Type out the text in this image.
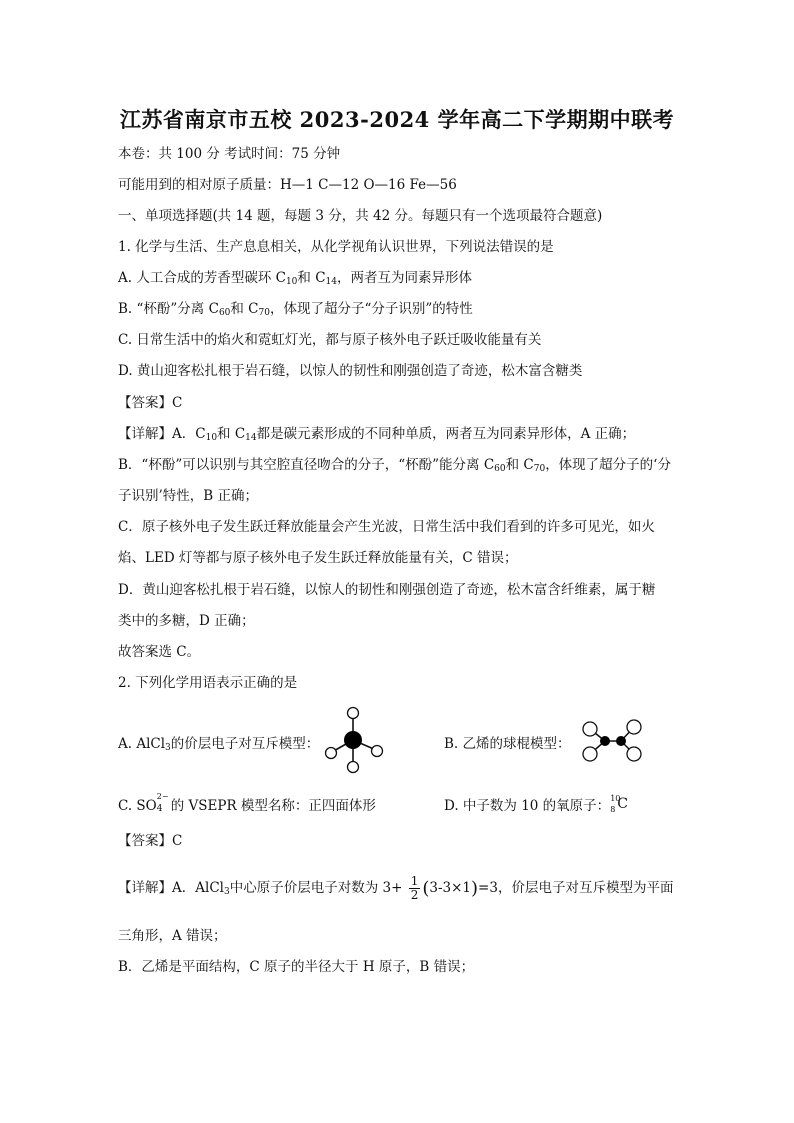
江苏省南京市五校 2023-2024 学年高二下学期期中联考
本卷：共 100 分 考试时间：75 分钟
可能用到的相对原子质量：H—1 C—12 O—16 Fe—56
一、单项选择题(共 14 题，每题 3 分，共 42 分。每题只有一个选项最符合题意)
1. 化学与生活、生产息息相关，从化学视角认识世界，下列说法错误的是
A. 人工合成的芳香型碳环 $C_{10}$和 $C_{14}$，两者互为同素异形体
B. “杯酚”分离 $C_{60}$和 $C_{70}$，体现了超分子“分子识别”的特性
C. 日常生活中的焰火和霓虹灯光，都与原子核外电子跃迁吸收能量有关
D. 黄山迎客松扎根于岩石缝，以惊人的韧性和刚强创造了奇迹，松木富含糖类
【答案】C
【详解】A．$C_{10}$和 $C_{14}$都是碳元素形成的不同种单质，两者互为同素异形体，A 正确；
B．“杯酚”可以识别与其空腔直径吻合的分子，“杯酚”能分离 $C_{60}$和 $C_{70}$，体现了超分子的‘分
子识别’特性，B 正确；
C．原子核外电子发生跃迁释放能量会产生光波，日常生活中我们看到的许多可见光，如火
焰、LED 灯等都与原子核外电子发生跃迁释放能量有关，C 错误；
D．黄山迎客松扎根于岩石缝，以惊人的韧性和刚强创造了奇迹，松木富含纤维素，属于糖
类中的多糖，D 正确；
故答案选 C。
2. 下列化学用语表示正确的是
A. AlCl$_3$的价层电子对互斥模型：	B. 乙烯的球棍模型：
C. SO
2−
4 的 VSEPR 模型名称：正四面体形	D. 中子数为 10 的氧原子： 10
8 C
【答案】C
【详解】A．AlCl$_3$中心原子价层电子对数为 $3+ \frac{1}{2} (3-3\times 1)=3$，价层电子对互斥模型为平面
三角形，A 错误；
B．乙烯是平面结构，C 原子的半径大于 H 原子，B 错误；
